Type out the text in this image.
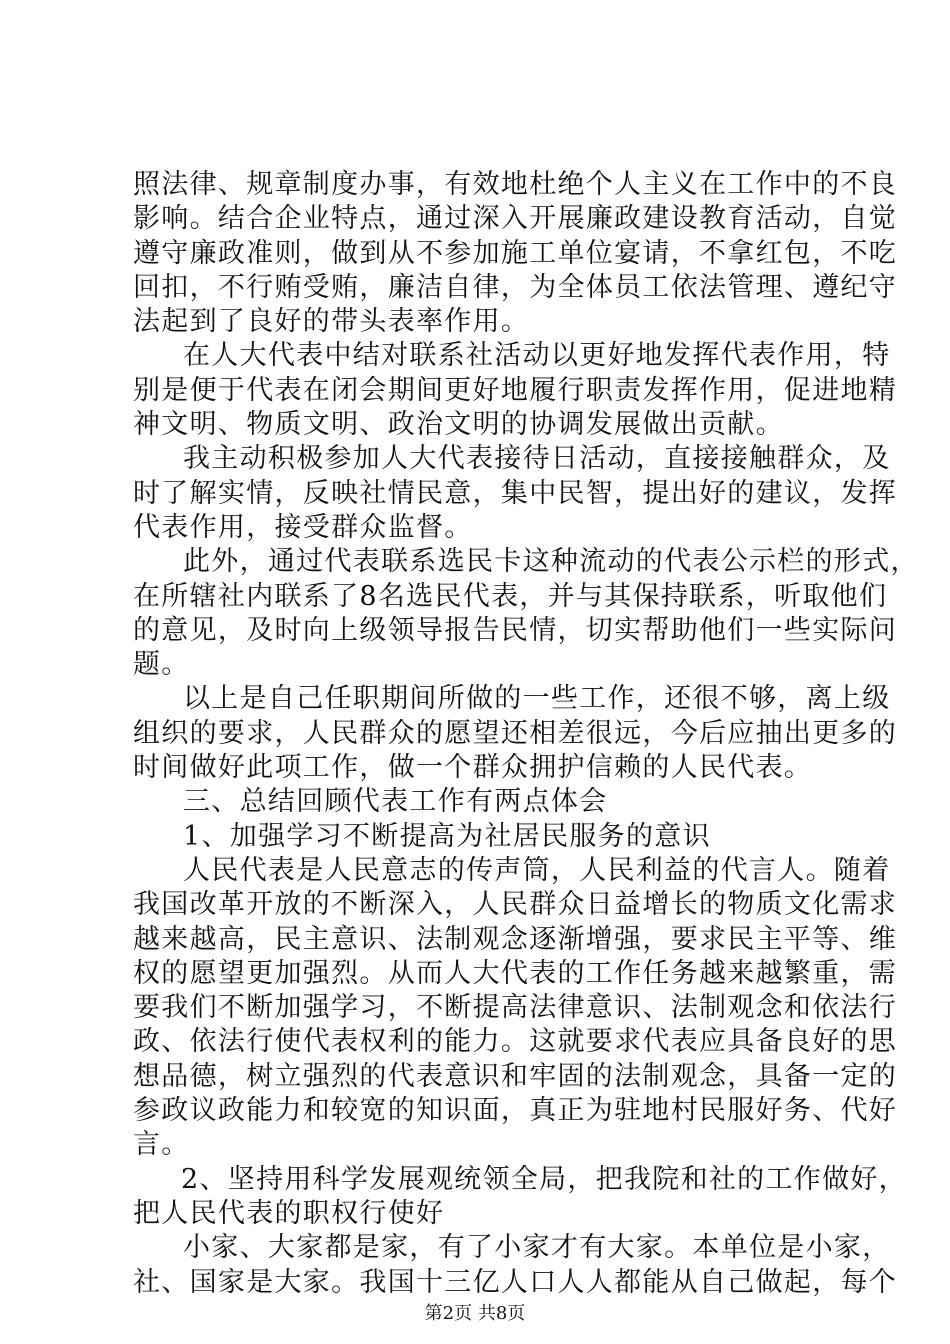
照法律、规章制度办事，有效地杜绝个人主义在工作中的不良
影响。结合企业特点，通过深入开展廉政建设教育活动，自觉
遵守廉政准则，做到从不参加施工单位宴请，不拿红包，不吃
回扣，不行贿受贿，廉洁自律，为全体员工依法管理、遵纪守
法起到了良好的带头表率作用。
在人大代表中结对联系社活动以更好地发挥代表作用，特
别是便于代表在闭会期间更好地履行职责发挥作用，促进地精
神文明、物质文明、政治文明的协调发展做出贡献。
我主动积极参加人大代表接待日活动，直接接触群众，及
时了解实情，反映社情民意，集中民智，提出好的建议，发挥
代表作用，接受群众监督。
此外，通过代表联系选民卡这种流动的代表公示栏的形式，
在所辖社内联系了8名选民代表，并与其保持联系，听取他们
的意见，及时向上级领导报告民情，切实帮助他们一些实际问
题。
以上是自己任职期间所做的一些工作，还很不够，离上级
组织的要求，人民群众的愿望还相差很远，今后应抽出更多的
时间做好此项工作，做一个群众拥护信赖的人民代表。
三、总结回顾代表工作有两点体会
1、加强学习不断提高为社居民服务的意识
人民代表是人民意志的传声筒，人民利益的代言人。随着
我国改革开放的不断深入，人民群众日益增长的物质文化需求
越来越高，民主意识、法制观念逐渐增强，要求民主平等、维
权的愿望更加强烈。从而人大代表的工作任务越来越繁重，需
要我们不断加强学习，不断提高法律意识、法制观念和依法行
政、依法行使代表权利的能力。这就要求代表应具备良好的思
想品德，树立强烈的代表意识和牢固的法制观念，具备一定的
参政议政能力和较宽的知识面，真正为驻地村民服好务、代好
言。
2、坚持用科学发展观统领全局，把我院和社的工作做好，
把人民代表的职权行使好
小家、大家都是家，有了小家才有大家。本单位是小家，
社、国家是大家。我国十三亿人口人人都能从自己做起，每个
第2页 共8页
